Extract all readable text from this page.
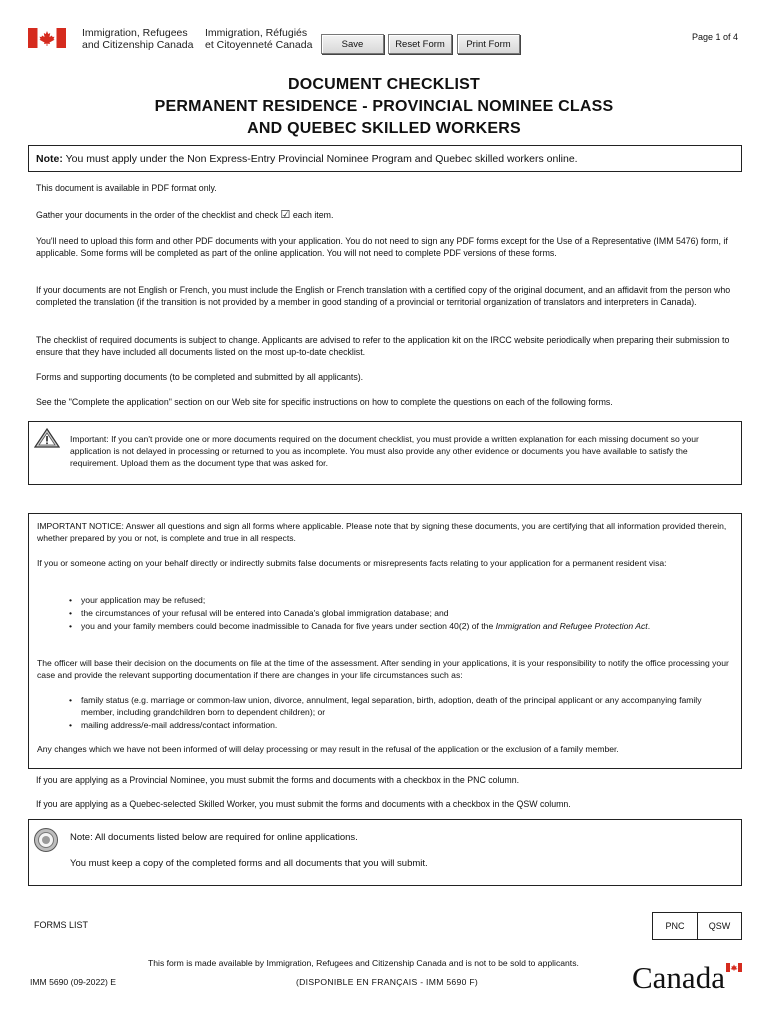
Immigration, Refugees
and Citizenship Canada
Immigration, Réfugiés
et Citoyenneté Canada	Save	Reset Form	Print Form
Page 1 of 4
DOCUMENT CHECKLIST
PERMANENT RESIDENCE - PROVINCIAL NOMINEE CLASS
AND QUEBEC SKILLED WORKERS
Note: You must apply under the Non Express-Entry Provincial Nominee Program and Quebec skilled workers online.
This document is available in PDF format only.
Gather your documents in the order of the checklist and check ☑ each item.
You'll need to upload this form and other PDF documents with your application. You do not need to sign any PDF forms except for the Use of a Representative (IMM 5476) form, if applicable. Some forms will be completed as part of the online application. You will not need to complete PDF versions of these forms.
If your documents are not English or French, you must include the English or French translation with a certified copy of the original document, and an affidavit from the person who completed the translation (if the transition is not provided by a member in good standing of a provincial or territorial organization of translators and interpreters in Canada).
The checklist of required documents is subject to change. Applicants are advised to refer to the application kit on the IRCC website periodically when preparing their submission to ensure that they have included all documents listed on the most up-to-date checklist.
Forms and supporting documents (to be completed and submitted by all applicants).
See the "Complete the application" section on our Web site for specific instructions on how to complete the questions on each of the following forms.
Important: If you can't provide one or more documents required on the document checklist, you must provide a written explanation for each missing document so your application is not delayed in processing or returned to you as incomplete. You must also provide any other evidence or documents you have available to satisfy the requirement. Upload them as the document type that was asked for.
IMPORTANT NOTICE: Answer all questions and sign all forms where applicable. Please note that by signing these documents, you are certifying that all information provided therein, whether prepared by you or not, is complete and true in all respects.
If you or someone acting on your behalf directly or indirectly submits false documents or misrepresents facts relating to your application for a permanent resident visa:
• your application may be refused;
• the circumstances of your refusal will be entered into Canada's global immigration database; and
• you and your family members could become inadmissible to Canada for five years under section 40(2) of the Immigration and Refugee Protection Act.
The officer will base their decision on the documents on file at the time of the assessment. After sending in your applications, it is your responsibility to notify the office processing your case and provide the relevant supporting documentation if there are changes in your life circumstances such as:
• family status (e.g. marriage or common-law union, divorce, annulment, legal separation, birth, adoption, death of the principal applicant or any accompanying family member, including grandchildren born to dependent children); or
• mailing address/e-mail address/contact information.
Any changes which we have not been informed of will delay processing or may result in the refusal of the application or the exclusion of a family member.
If you are applying as a Provincial Nominee, you must submit the forms and documents with a checkbox in the PNC column.
If you are applying as a Quebec-selected Skilled Worker, you must submit the forms and documents with a checkbox in the QSW column.
Note: All documents listed below are required for online applications.
You must keep a copy of the completed forms and all documents that you will submit.
FORMS LIST	PNC	QSW
This form is made available by Immigration, Refugees and Citizenship Canada and is not to be sold to applicants.
IMM 5690 (09-2022) E	(DISPONIBLE EN FRANÇAIS - IMM 5690 F)	Canada
